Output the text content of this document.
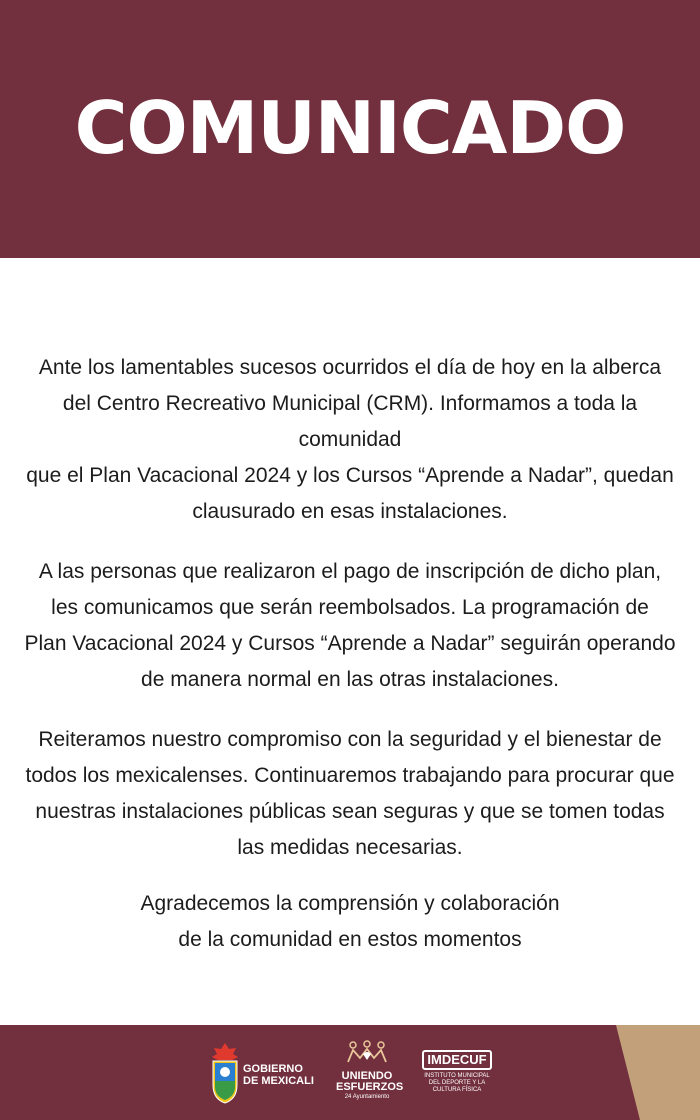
COMUNICADO

Ante los lamentables sucesos ocurridos el día de hoy en la alberca
del Centro Recreativo Municipal (CRM). Informamos a toda la comunidad
que el Plan Vacacional 2024 y los Cursos “Aprende a Nadar”, quedan
clausurado en esas instalaciones.

A las personas que realizaron el pago de inscripción de dicho plan,
les comunicamos que serán reembolsados. La programación de
Plan Vacacional 2024 y Cursos “Aprende a Nadar” seguirán operando
de manera normal en las otras instalaciones.

Reiteramos nuestro compromiso con la seguridad y el bienestar de
todos los mexicalenses. Continuaremos trabajando para procurar que
nuestras instalaciones públicas sean seguras y que se tomen todas
las medidas necesarias.

Agradecemos la comprensión y colaboración
de la comunidad en estos momentos

GOBIERNO
DE MEXICALI	UNIENDO
ESFUERZOS
24 Ayuntamiento
IMDECUF
INSTITUTO MUNICIPAL
DEL DEPORTE Y LA
CULTURA FÍSICA
